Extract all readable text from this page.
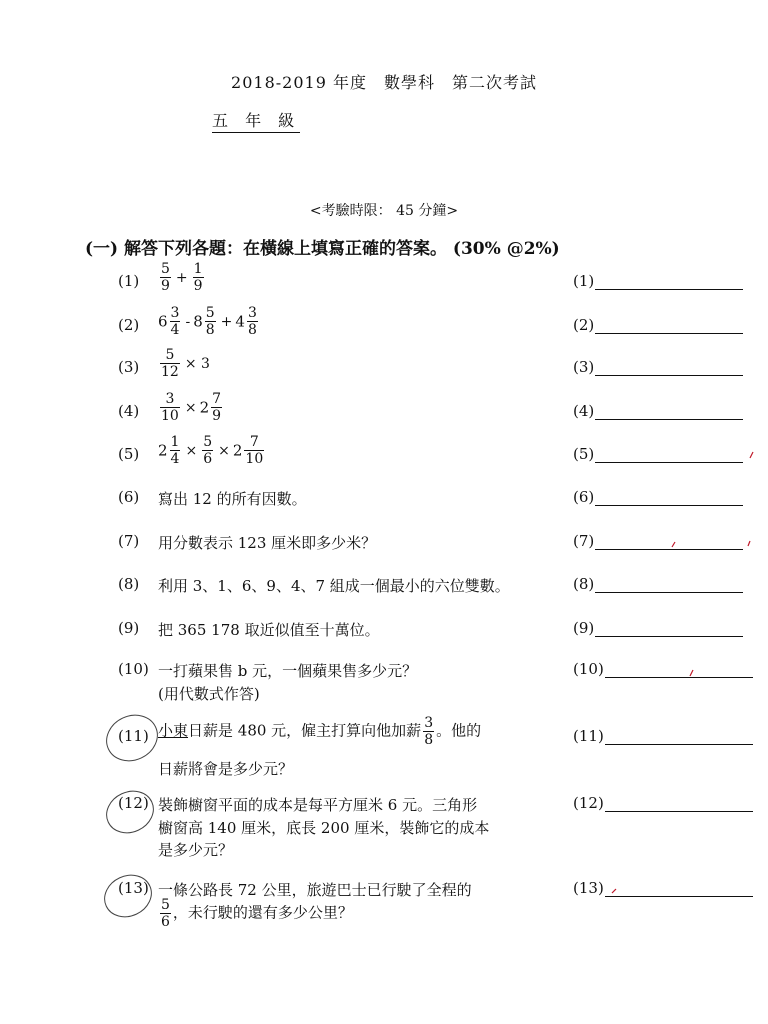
2018-2019 年度　數學科　第二次考試
五 年 級
<考驗時限： 45 分鐘>
(一) 解答下列各題：在橫線上填寫正確的答案。 (30% @2%)
$(1) \frac{5}{9} + \frac{1}{9}$	(1)
(2) $6 \frac{3}{4} - 8 \frac{5}{8} + 4 \frac{3}{8}$	(2)
$(3) \frac{5}{12} \times 3$	(3)
$(4) \frac{3}{10} \times 2 \frac{7}{9}$	(4)
(5) $2 \frac{1}{4} \times \frac{5}{6} \times 2 \frac{7}{10}$	(5)
(6) 寫出 12 的所有因數。	(6)
(7) 用分數表示 123 厘米即多少米？	(7)
(8) 利用 3、1、6、9、4、7 組成一個最小的六位雙數。	(8)
(9) 把 365 178 取近似值至十萬位。	(9)
(10) 一打蘋果售 b 元，一個蘋果售多少元？
(用代數式作答)
(10)
(11) 小東日薪是 480 元，僱主打算向他加薪 $\frac{3}{8}$ 。他的
日薪將會是多少元？
(11)
(12) 裝飾櫥窗平面的成本是每平方厘米 6 元。三角形
櫥窗高 140 厘米，底長 200 厘米，裝飾它的成本
是多少元？
(12)
(13) 一條公路長 72 公里，旅遊巴士已行駛了全程的
$\frac{5}{6}$ ，未行駛的還有多少公里？
(13)
